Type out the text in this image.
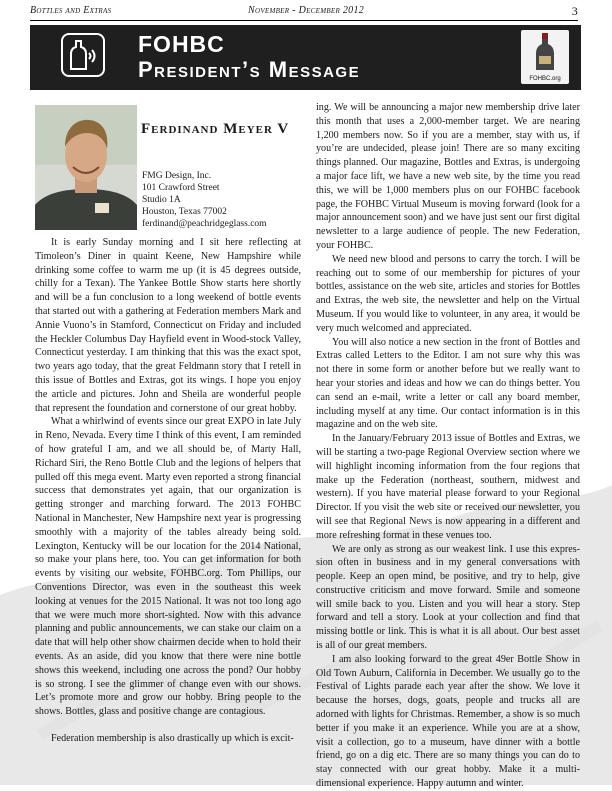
Bottles and Extras	November - December 2012	3
FOHBC
President’s Message	FOHBC.org
Ferdinand Meyer V
FMG Design, Inc.
101 Crawford Street
Studio 1A
Houston, Texas 77002
ferdinand@peachridgeglass.com

It is early Sunday morning and I sit here reflecting at Timoleon’s Diner in quaint Keene, New Hampshire while drinking some coffee to warm me up (it is 45 degrees outside, chilly for a Texan). The Yankee Bottle Show starts here shortly and will be a fun conclusion to a long weekend of bottle events that started out with a gathering at Federation members Mark and Annie Vuono’s in Stamford, Connecticut on Friday and included the Heckler Columbus Day Hayfield event in Wood-stock Valley, Connecticut yesterday. I am thinking that this was the exact spot, two years ago today, that the great Feldmann story that I retell in this issue of Bottles and Extras, got its wings. I hope you enjoy the article and pictures. John and Sheila are wonderful people that represent the foundation and cornerstone of our great hobby.

What a whirlwind of events since our great EXPO in late July in Reno, Nevada. Every time I think of this event, I am reminded of how grateful I am, and we all should be, of Marty Hall, Richard Siri, the Reno Bottle Club and the legions of helpers that pulled off this mega event. Marty even reported a strong financial success that demonstrates yet again, that our organization is getting stronger and marching forward. The 2013 FOHBC National in Manchester, New Hampshire next year is progressing smoothly with a majority of the tables already being sold. Lexington, Kentucky will be our location for the 2014 National, so make your plans here, too. You can get information for both events by visiting our website, FOHBC.org. Tom Phillips, our Conventions Director, was even in the southeast this week looking at venues for the 2015 National. It was not too long ago that we were much more short-sighted. Now with this advance planning and public announcements, we can stake our claim on a date that will help other show chairmen decide when to hold their events. As an aside, did you know that there were nine bottle shows this weekend, including one across the pond? Our hobby is so strong. I see the glimmer of change even with our shows. Let’s promote more and grow our hobby. Bring people to the shows. Bottles, glass and positive change are contagious.

Federation membership is also drastically up which is excit-

ing. We will be announcing a major new membership drive later this month that uses a 2,000-member target. We are nearing 1,200 members now. So if you are a member, stay with us, if you’re are undecided, please join! There are so many exciting things planned. Our magazine, Bottles and Extras, is undergoing a major face lift, we have a new web site, by the time you read this, we will be 1,000 members plus on our FOHBC facebook page, the FOHBC Virtual Museum is moving forward (look for a major announcement soon) and we have just sent our first digital newsletter to a large audience of people. The new Federation, your FOHBC.

We need new blood and persons to carry the torch. I will be reaching out to some of our membership for pictures of your bottles, assistance on the web site, articles and stories for Bottles and Extras, the web site, the newsletter and help on the Virtual Museum. If you would like to volunteer, in any area, it would be very much welcomed and appreciated.

You will also notice a new section in the front of Bottles and Extras called Letters to the Editor. I am not sure why this was not there in some form or another before but we really want to hear your stories and ideas and how we can do things better. You can send an e-mail, write a letter or call any board member, including myself at any time. Our contact information is in this magazine and on the web site.

In the January/February 2013 issue of Bottles and Extras, we will be starting a two-page Regional Overview section where we will highlight incoming information from the four regions that make up the Federation (northeast, southern, midwest and western). If you have material please forward to your Regional Director. If you visit the web site or received our newsletter, you will see that Regional News is now appearing in a different and more refreshing format in these venues too.

We are only as strong as our weakest link. I use this expres-sion often in business and in my general conversations with people. Keep an open mind, be positive, and try to help, give constructive criticism and move forward. Smile and someone will smile back to you. Listen and you will hear a story. Step forward and tell a story. Look at your collection and find that missing bottle or link. This is what it is all about. Our best asset is all of our great members.

I am also looking forward to the great 49er Bottle Show in Old Town Auburn, California in December. We usually go to the Festival of Lights parade each year after the show. We love it because the horses, dogs, goats, people and trucks all are adorned with lights for Christmas. Remember, a show is so much better if you make it an experience. While you are at a show, visit a collection, go to a museum, have dinner with a bottle friend, go on a dig etc. There are so many things you can do to stay connected with our great hobby. Make it a multi-dimensional experience. Happy autumn and winter.
